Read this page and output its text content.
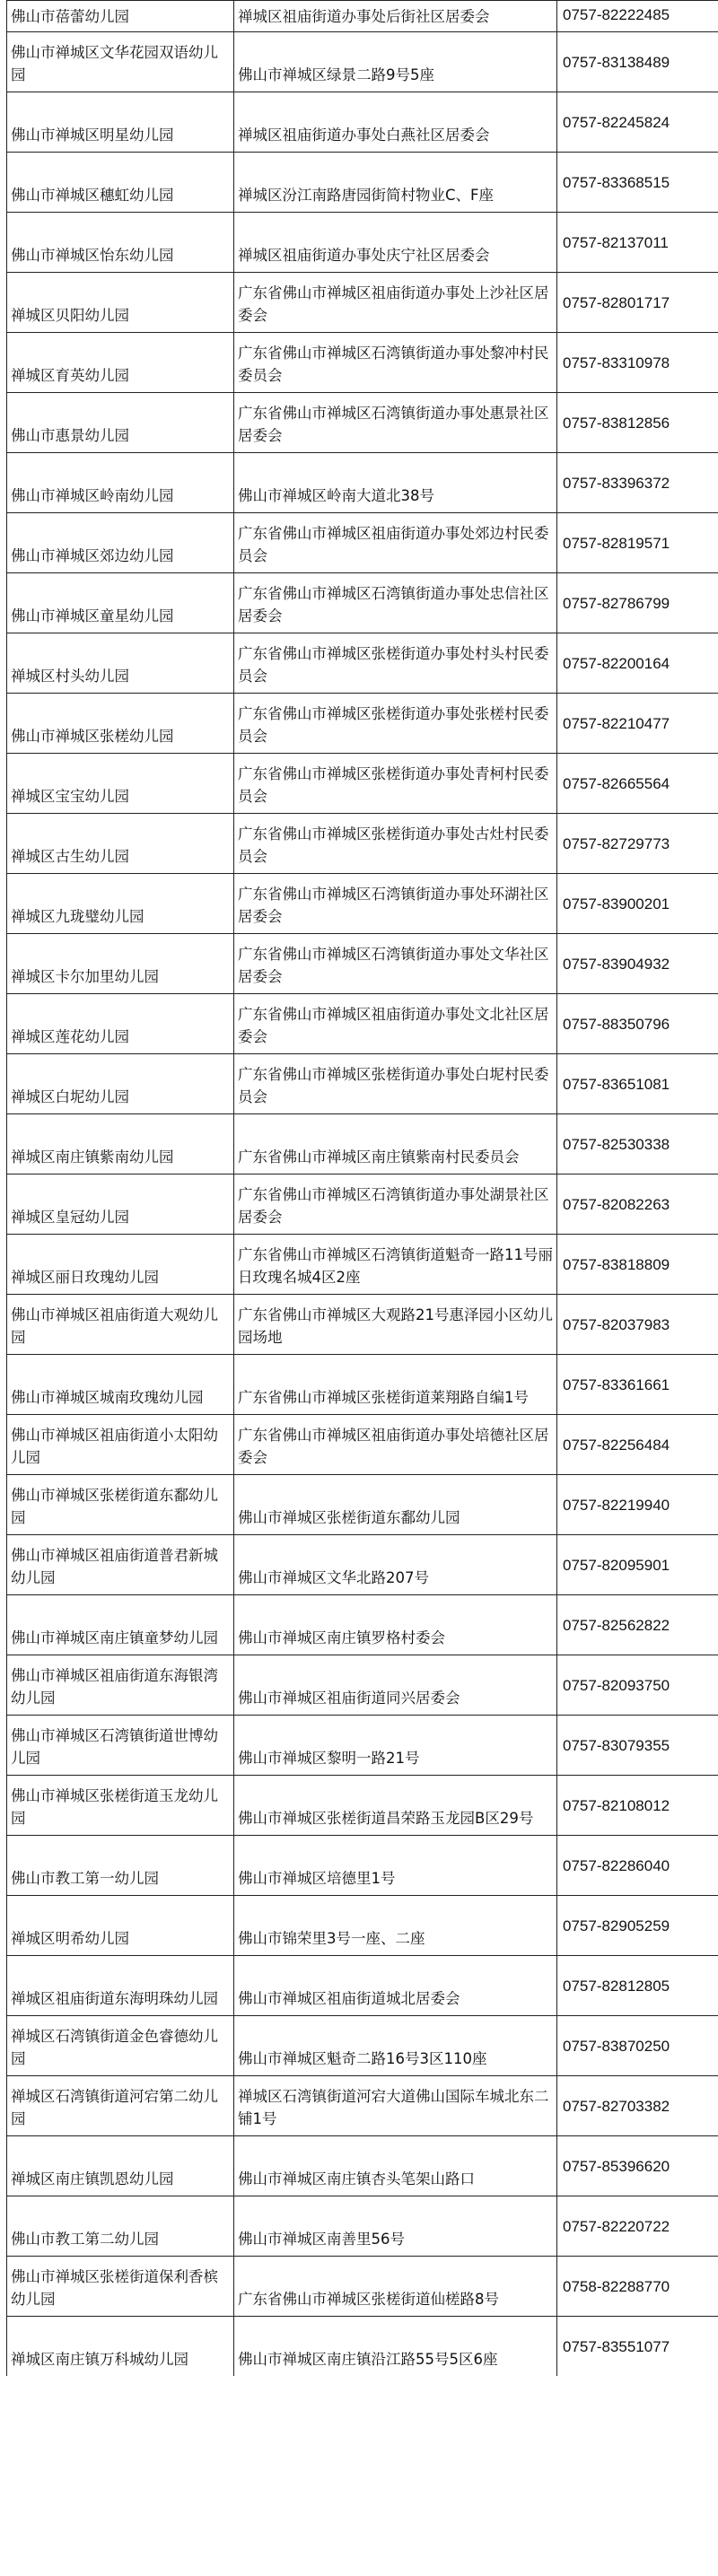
佛山市蓓蕾幼儿园	禅城区祖庙街道办事处后街社区居委会	0757-82222485
佛山市禅城区文华花园双语幼儿园	佛山市禅城区绿景二路9号5座	0757-83138489
佛山市禅城区明星幼儿园	禅城区祖庙街道办事处白燕社区居委会	0757-82245824
佛山市禅城区穗虹幼儿园	禅城区汾江南路唐园街简村物业C、F座	0757-83368515
佛山市禅城区怡东幼儿园	禅城区祖庙街道办事处庆宁社区居委会	0757-82137011
禅城区贝阳幼儿园	广东省佛山市禅城区祖庙街道办事处上沙社区居委会	0757-82801717
禅城区育英幼儿园	广东省佛山市禅城区石湾镇街道办事处黎冲村民委员会	0757-83310978
佛山市惠景幼儿园	广东省佛山市禅城区石湾镇街道办事处惠景社区居委会	0757-83812856
佛山市禅城区岭南幼儿园	佛山市禅城区岭南大道北38号	0757-83396372
佛山市禅城区郊边幼儿园	广东省佛山市禅城区祖庙街道办事处郊边村民委员会	0757-82819571
佛山市禅城区童星幼儿园	广东省佛山市禅城区石湾镇街道办事处忠信社区居委会	0757-82786799
禅城区村头幼儿园	广东省佛山市禅城区张槎街道办事处村头村民委员会	0757-82200164
佛山市禅城区张槎幼儿园	广东省佛山市禅城区张槎街道办事处张槎村民委员会	0757-82210477
禅城区宝宝幼儿园	广东省佛山市禅城区张槎街道办事处青柯村民委员会	0757-82665564
禅城区古生幼儿园	广东省佛山市禅城区张槎街道办事处古灶村民委员会	0757-82729773
禅城区九珑璧幼儿园	广东省佛山市禅城区石湾镇街道办事处环湖社区居委会	0757-83900201
禅城区卡尔加里幼儿园	广东省佛山市禅城区石湾镇街道办事处文华社区居委会	0757-83904932
禅城区莲花幼儿园	广东省佛山市禅城区祖庙街道办事处文北社区居委会	0757-88350796
禅城区白坭幼儿园	广东省佛山市禅城区张槎街道办事处白坭村民委员会	0757-83651081
禅城区南庄镇紫南幼儿园	广东省佛山市禅城区南庄镇紫南村民委员会	0757-82530338
禅城区皇冠幼儿园	广东省佛山市禅城区石湾镇街道办事处湖景社区居委会	0757-82082263
禅城区丽日玫瑰幼儿园	广东省佛山市禅城区石湾镇街道魁奇一路11号丽日玫瑰名城4区2座	0757-83818809
佛山市禅城区祖庙街道大观幼儿园	广东省佛山市禅城区大观路21号惠泽园小区幼儿园场地	0757-82037983
佛山市禅城区城南玫瑰幼儿园	广东省佛山市禅城区张槎街道莱翔路自编1号	0757-83361661
佛山市禅城区祖庙街道小太阳幼儿园	广东省佛山市禅城区祖庙街道办事处培德社区居委会	0757-82256484
佛山市禅城区张槎街道东鄱幼儿园	佛山市禅城区张槎街道东鄱幼儿园	0757-82219940
佛山市禅城区祖庙街道普君新城幼儿园	佛山市禅城区文华北路207号	0757-82095901
佛山市禅城区南庄镇童梦幼儿园	佛山市禅城区南庄镇罗格村委会	0757-82562822
佛山市禅城区祖庙街道东海银湾幼儿园	佛山市禅城区祖庙街道同兴居委会	0757-82093750
佛山市禅城区石湾镇街道世博幼儿园	佛山市禅城区黎明一路21号	0757-83079355
佛山市禅城区张槎街道玉龙幼儿园	佛山市禅城区张槎街道昌荣路玉龙园B区29号	0757-82108012
佛山市教工第一幼儿园	佛山市禅城区培德里1号	0757-82286040
禅城区明希幼儿园	佛山市锦荣里3号一座、二座	0757-82905259
禅城区祖庙街道东海明珠幼儿园	佛山市禅城区祖庙街道城北居委会	0757-82812805
禅城区石湾镇街道金色睿德幼儿园	佛山市禅城区魁奇二路16号3区110座	0757-83870250
禅城区石湾镇街道河宕第二幼儿园	禅城区石湾镇街道河宕大道佛山国际车城北东二铺1号	0757-82703382
禅城区南庄镇凯恩幼儿园	佛山市禅城区南庄镇杏头笔架山路口	0757-85396620
佛山市教工第二幼儿园	佛山市禅城区南善里56号	0757-82220722
佛山市禅城区张槎街道保利香槟幼儿园	广东省佛山市禅城区张槎街道仙槎路8号	0758-82288770
禅城区南庄镇万科城幼儿园	佛山市禅城区南庄镇沿江路55号5区6座	0757-83551077
